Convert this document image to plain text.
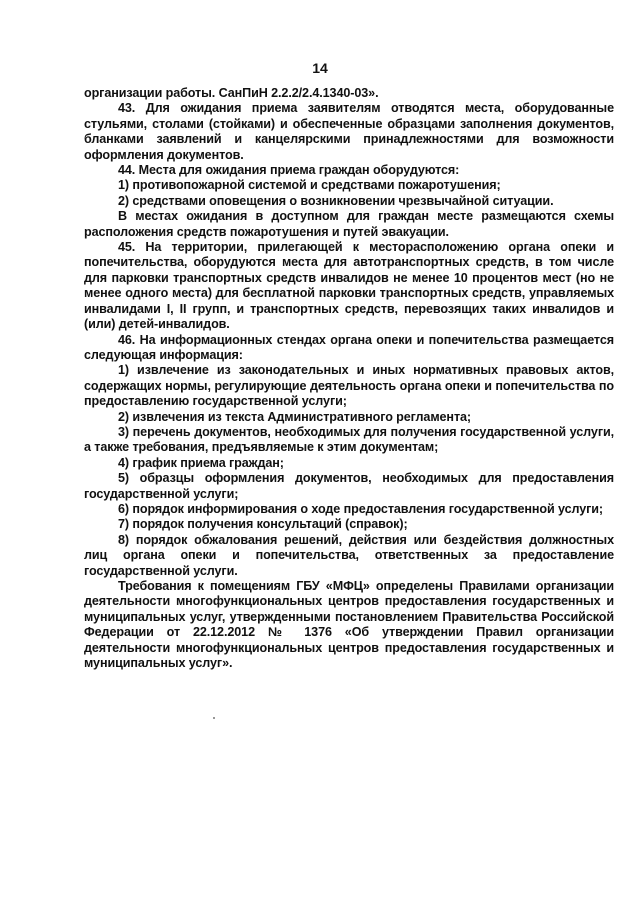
14

организации работы. СанПиН 2.2.2/2.4.1340-03».

43. Для ожидания приема заявителям отводятся места, оборудованные стульями, столами (стойками) и обеспеченные образцами заполнения документов, бланками заявлений и канцелярскими принадлежностями для возможности оформления документов.

44. Места для ожидания приема граждан оборудуются:

1) противопожарной системой и средствами пожаротушения;

2) средствами оповещения о возникновении чрезвычайной ситуации.

В местах ожидания в доступном для граждан месте размещаются схемы расположения средств пожаротушения и путей эвакуации.

45. На территории, прилегающей к месторасположению органа опеки и попечительства, оборудуются места для автотранспортных средств, в том числе для парковки транспортных средств инвалидов не менее 10 процентов мест (но не менее одного места) для бесплатной парковки транспортных средств, управляемых инвалидами I, II групп, и транспортных средств, перевозящих таких инвалидов и (или) детей-инвалидов.

46. На информационных стендах органа опеки и попечительства размещается следующая информация:

1) извлечение из законодательных и иных нормативных правовых актов, содержащих нормы, регулирующие деятельность органа опеки и попечительства по предоставлению государственной услуги;

2) извлечения из текста Административного регламента;

3) перечень документов, необходимых для получения государственной услуги, а также требования, предъявляемые к этим документам;

4) график приема граждан;

5) образцы оформления документов, необходимых для предоставления государственной услуги;

6) порядок информирования о ходе предоставления государственной услуги;

7) порядок получения консультаций (справок);

8) порядок обжалования решений, действия или бездействия должностных лиц органа опеки и попечительства, ответственных за предоставление государственной услуги.

Требования к помещениям ГБУ «МФЦ» определены Правилами организации деятельности многофункциональных центров предоставления государственных и муниципальных услуг, утвержденными постановлением Правительства Российской Федерации от 22.12.2012 № 1376 «Об утверждении Правил организации деятельности многофункциональных центров предоставления государственных и муниципальных услуг».
